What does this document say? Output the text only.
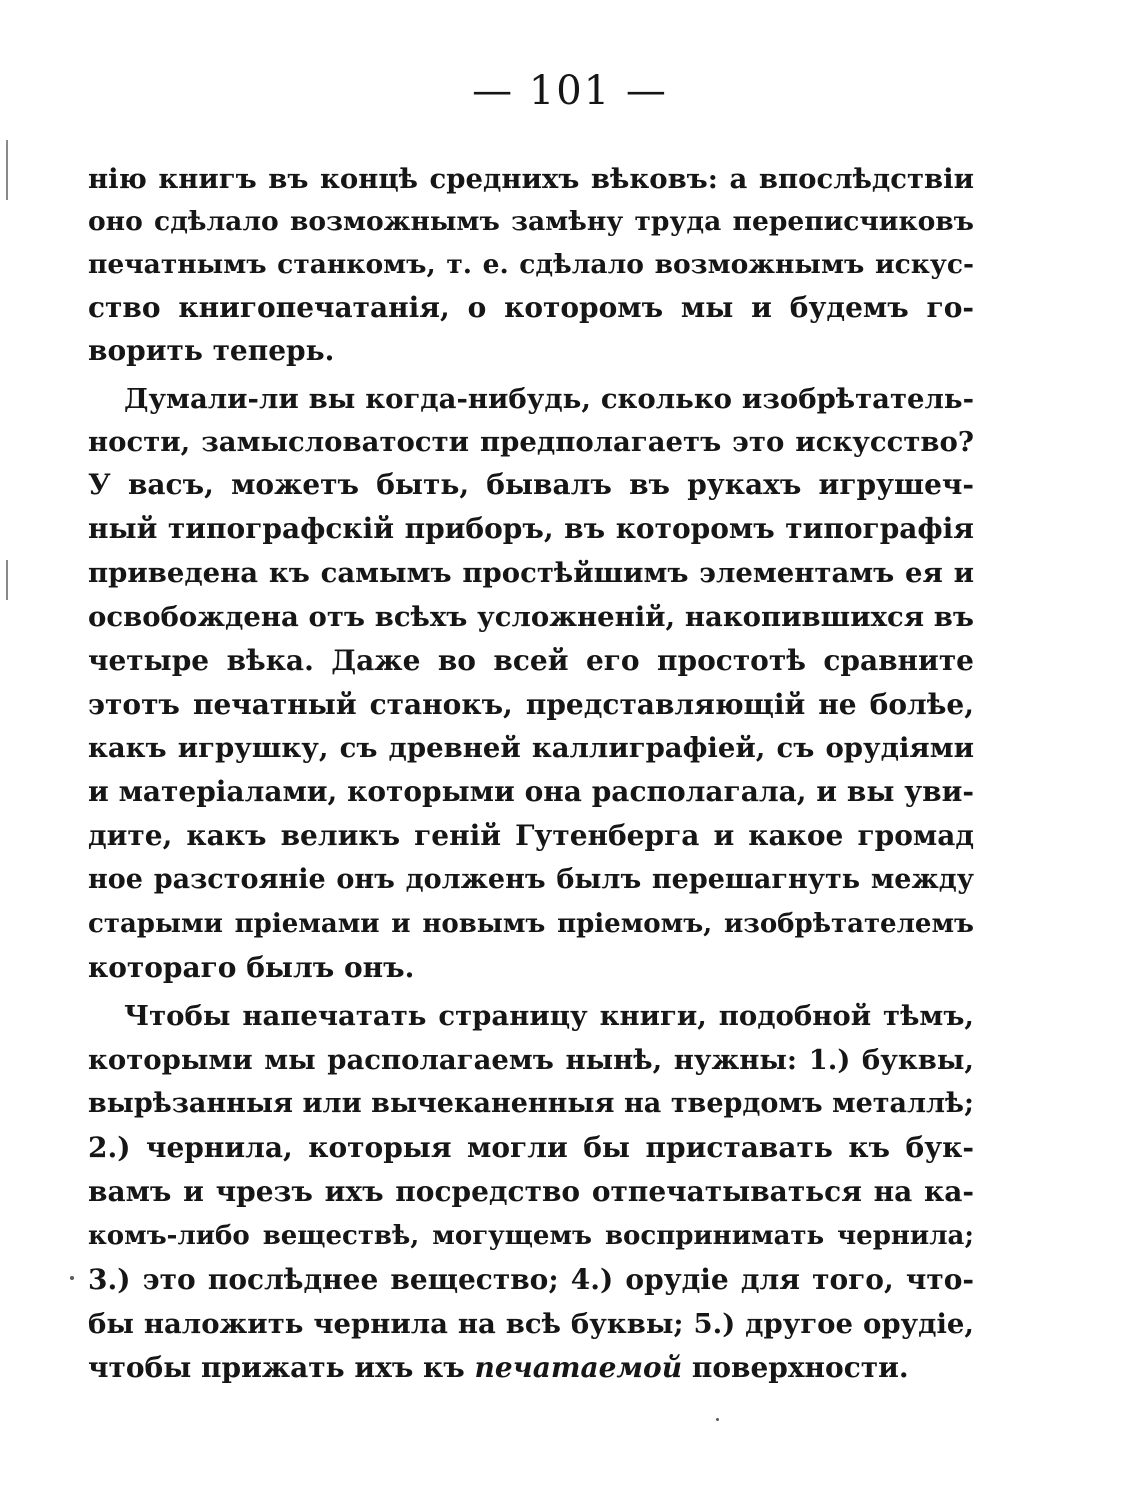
— 101 —
нію книгъ въ концѣ среднихъ вѣковъ: а впослѣдствіи
оно сдѣлало возможнымъ замѣну труда переписчиковъ
печатнымъ станкомъ, т. е. сдѣлало возможнымъ искус-
ство книгопечатанія, о которомъ мы и будемъ го-
ворить теперь.
Думали-ли вы когда-нибудь, сколько изобрѣтатель-
ности, замысловатости предполагаетъ это искусство?
У васъ, можетъ быть, бывалъ въ рукахъ игрушеч-
ный типографскій приборъ, въ которомъ типографія
приведена къ самымъ простѣйшимъ элементамъ ея и
освобождена отъ всѣхъ усложненій, накопившихся въ
четыре вѣка. Даже во всей его простотѣ сравните
этотъ печатный станокъ, представляющій не болѣе,
какъ игрушку, съ древней каллиграфіей, съ орудіями
и матеріалами, которыми она располагала, и вы уви-
дите, какъ великъ геній Гутенберга и какое громад
ное разстояніе онъ долженъ былъ перешагнуть между
старыми пріемами и новымъ пріемомъ, изобрѣтателемъ
котораго былъ онъ.
Чтобы напечатать страницу книги, подобной тѣмъ,
которыми мы располагаемъ нынѣ, нужны: 1.) буквы,
вырѣзанныя или вычеканенныя на твердомъ металлѣ;
2.) чернила, которыя могли бы приставать къ бук-
вамъ и чрезъ ихъ посредство отпечатываться на ка-
комъ-либо веществѣ, могущемъ воспринимать чернила;
3.) это послѣднее вещество; 4.) орудіе для того, что-
бы наложить чернила на всѣ буквы; 5.) другое орудіе,
чтобы прижать ихъ къ печатаемой поверхности.
